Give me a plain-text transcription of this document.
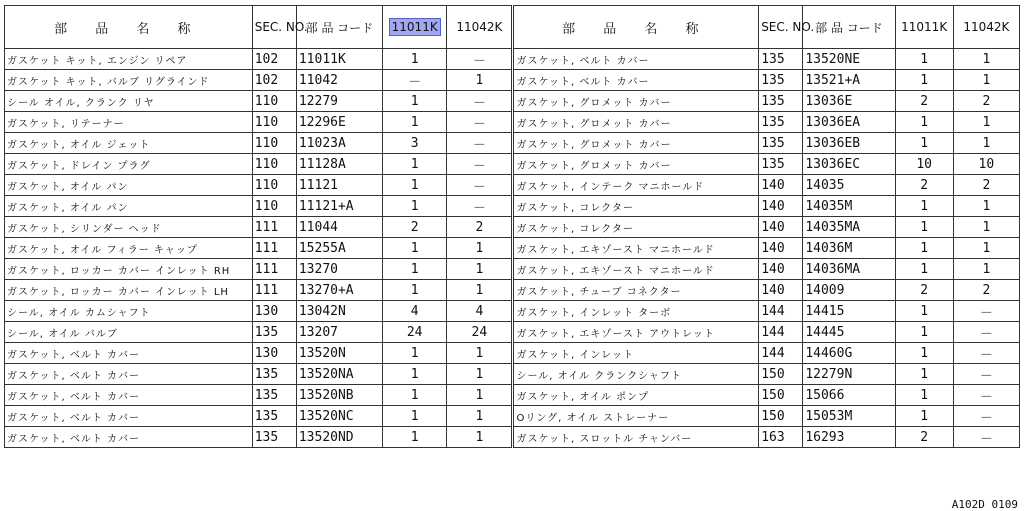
部 品 名 称	SEC. NO.	部 品 コード	11011K	11042K	部 品 名 称	SEC. NO.	部 品 コード	11011K	11042K
ガスケット キット, エンジン リペア	102	11011K	1	－	ガスケット, ベルト カバー	135	13520NE	1	1
ガスケット キット, バルブ リグラインド	102	11042	－	1	ガスケット, ベルト カバー	135	13521+A	1	1
シール オイル, クランク リヤ	110	12279	1	－	ガスケット, グロメット カバー	135	13036E	2	2
ガスケット, リテーナー	110	12296E	1	－	ガスケット, グロメット カバー	135	13036EA	1	1
ガスケット, オイル ジェット	110	11023A	3	－	ガスケット, グロメット カバー	135	13036EB	1	1
ガスケット, ドレイン プラグ	110	11128A	1	－	ガスケット, グロメット カバー	135	13036EC	10	10
ガスケット, オイル パン	110	11121	1	－	ガスケット, インテーク マニホールド	140	14035	2	2
ガスケット, オイル パン	110	11121+A	1	－	ガスケット, コレクター	140	14035M	1	1
ガスケット, シリンダー ヘッド	111	11044	2	2	ガスケット, コレクター	140	14035MA	1	1
ガスケット, オイル フィラー キャップ	111	15255A	1	1	ガスケット, エキゾースト マニホールド	140	14036M	1	1
ガスケット, ロッカー カバー インレット RH	111	13270	1	1	ガスケット, エキゾースト マニホールド	140	14036MA	1	1
ガスケット, ロッカー カバー インレット LH	111	13270+A	1	1	ガスケット, チューブ コネクター	140	14009	2	2
シール, オイル カムシャフト	130	13042N	4	4	ガスケット, インレット ターボ	144	14415	1	－
シール, オイル バルブ	135	13207	24	24	ガスケット, エキゾースト アウトレット	144	14445	1	－
ガスケット, ベルト カバー	130	13520N	1	1	ガスケット, インレット	144	14460G	1	－
ガスケット, ベルト カバー	135	13520NA	1	1	シール, オイル クランクシャフト	150	12279N	1	－
ガスケット, ベルト カバー	135	13520NB	1	1	ガスケット, オイル ポンプ	150	15066	1	－
ガスケット, ベルト カバー	135	13520NC	1	1	Oリング, オイル ストレーナー	150	15053M	1	－
ガスケット, ベルト カバー	135	13520ND	1	1	ガスケット, スロットル チャンバー	163	16293	2	－
A102D 0109
